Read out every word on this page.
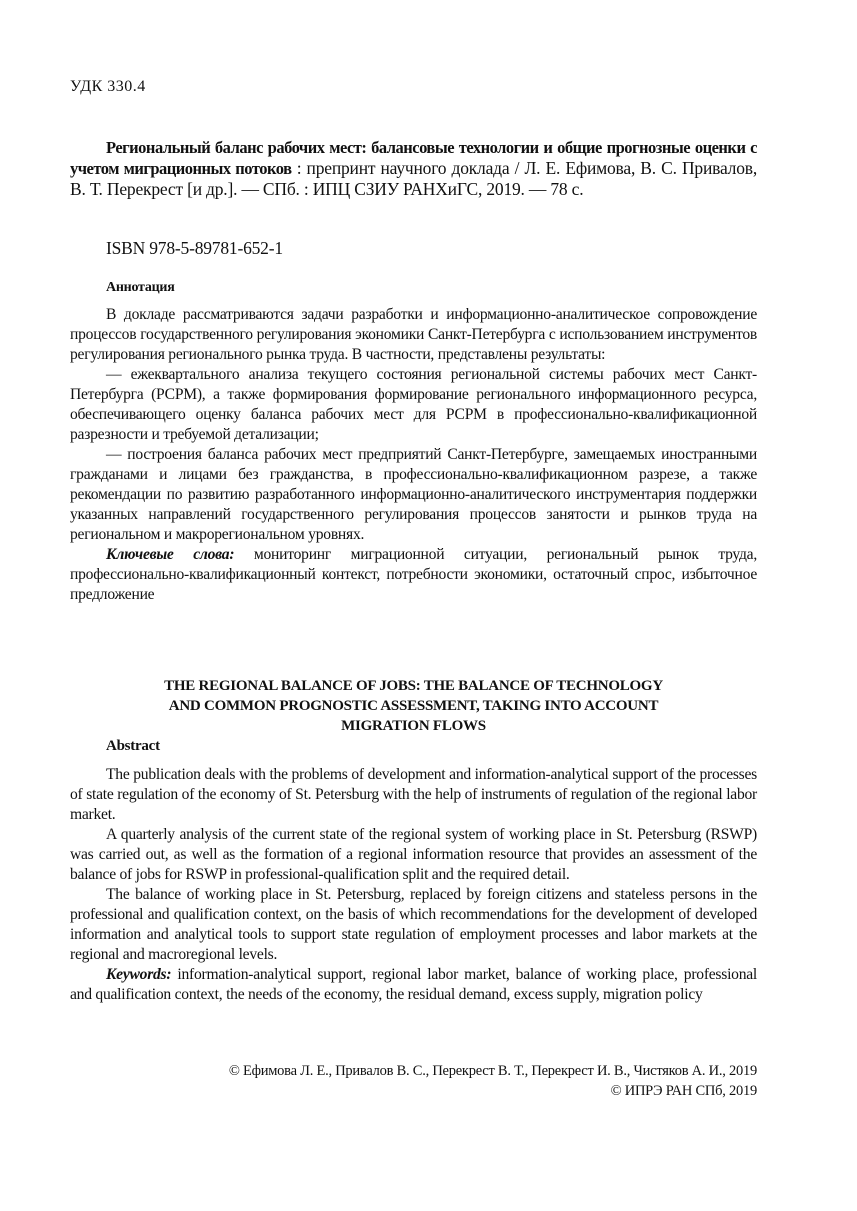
УДК 330.4

Региональный баланс рабочих мест: балансовые технологии и общие прогнозные оценки с учетом миграционных потоков : препринт научного доклада / Л. Е. Ефимова, В. С. Привалов, В. Т. Перекрест [и др.]. — СПб. : ИПЦ СЗИУ РАНХиГС, 2019. — 78 с.

ISBN 978-5-89781-652-1

Аннотация

В докладе рассматриваются задачи разработки и информационно-аналитическое сопровождение процессов государственного регулирования экономики Санкт-Петербурга с использованием инструментов регулирования регионального рынка труда. В частности, представлены результаты:

— ежеквартального анализа текущего состояния региональной системы рабочих мест Санкт-Петербурга (РСРМ), а также формирования формирование регионального информационного ресурса, обеспечивающего оценку баланса рабочих мест для РСРМ в профессионально-квалификационной разрезности и требуемой детализации;

— построения баланса рабочих мест предприятий Санкт-Петербурге, замещаемых иностранными гражданами и лицами без гражданства, в профессионально-квалификационном разрезе, а также рекомендации по развитию разработанного информационно-аналитического инструментария поддержки указанных направлений государственного регулирования процессов занятости и рынков труда на региональном и макрорегиональном уровнях.

Ключевые слова: мониторинг миграционной ситуации, региональный рынок труда, профессионально-квалификационный контекст, потребности экономики, остаточный спрос, избыточное предложение

THE REGIONAL BALANCE OF JOBS: THE BALANCE OF TECHNOLOGY
AND COMMON PROGNOSTIC ASSESSMENT, TAKING INTO ACCOUNT
MIGRATION FLOWS

Abstract

The publication deals with the problems of development and information-analytical support of the processes of state regulation of the economy of St. Petersburg with the help of instruments of regulation of the regional labor market.

A quarterly analysis of the current state of the regional system of working place in St. Petersburg (RSWP) was carried out, as well as the formation of a regional information resource that provides an assessment of the balance of jobs for RSWP in professional-qualification split and the required detail.

The balance of working place in St. Petersburg, replaced by foreign citizens and stateless persons in the professional and qualification context, on the basis of which recommendations for the development of developed information and analytical tools to support state regulation of employment processes and labor markets at the regional and macroregional levels.

Keywords: information-analytical support, regional labor market, balance of working place, professional and qualification context, the needs of the economy, the residual demand, excess supply, migration policy

© Ефимова Л. Е., Привалов В. С., Перекрест В. Т., Перекрест И. В., Чистяков А. И., 2019
© ИПРЭ РАН СПб, 2019
